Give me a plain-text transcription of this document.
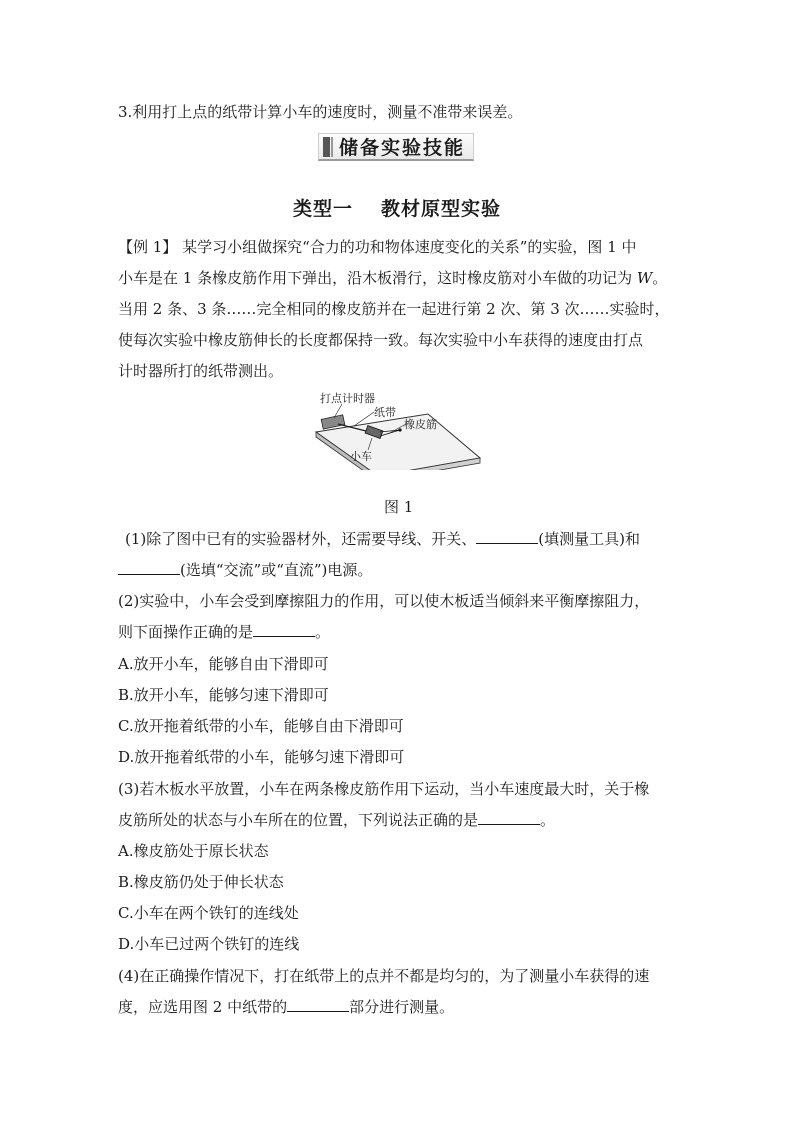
3.利用打上点的纸带计算小车的速度时，测量不准带来误差。
储备实验技能
类型一 教材原型实验
【例 1】 某学习小组做探究“合力的功和物体速度变化的关系”的实验，图 1 中
小车是在 1 条橡皮筋作用下弹出，沿木板滑行，这时橡皮筋对小车做的功记为 W。
当用 2 条、3 条……完全相同的橡皮筋并在一起进行第 2 次、第 3 次……实验时，
使每次实验中橡皮筋伸长的长度都保持一致。每次实验中小车获得的速度由打点
计时器所打的纸带测出。
打点计时器
纸带
橡皮筋
小车
图 1
(1)除了图中已有的实验器材外，还需要导线、开关、	(填测量工具)和
(选填“交流”或“直流”)电源。
(2)实验中，小车会受到摩擦阻力的作用，可以使木板适当倾斜来平衡摩擦阻力，
则下面操作正确的是	。
A.放开小车，能够自由下滑即可
B.放开小车，能够匀速下滑即可
C.放开拖着纸带的小车，能够自由下滑即可
D.放开拖着纸带的小车，能够匀速下滑即可
(3)若木板水平放置，小车在两条橡皮筋作用下运动，当小车速度最大时，关于橡
皮筋所处的状态与小车所在的位置，下列说法正确的是	。
A.橡皮筋处于原长状态
B.橡皮筋仍处于伸长状态
C.小车在两个铁钉的连线处
D.小车已过两个铁钉的连线
(4)在正确操作情况下，打在纸带上的点并不都是均匀的，为了测量小车获得的速
度，应选用图 2 中纸带的	部分进行测量。
